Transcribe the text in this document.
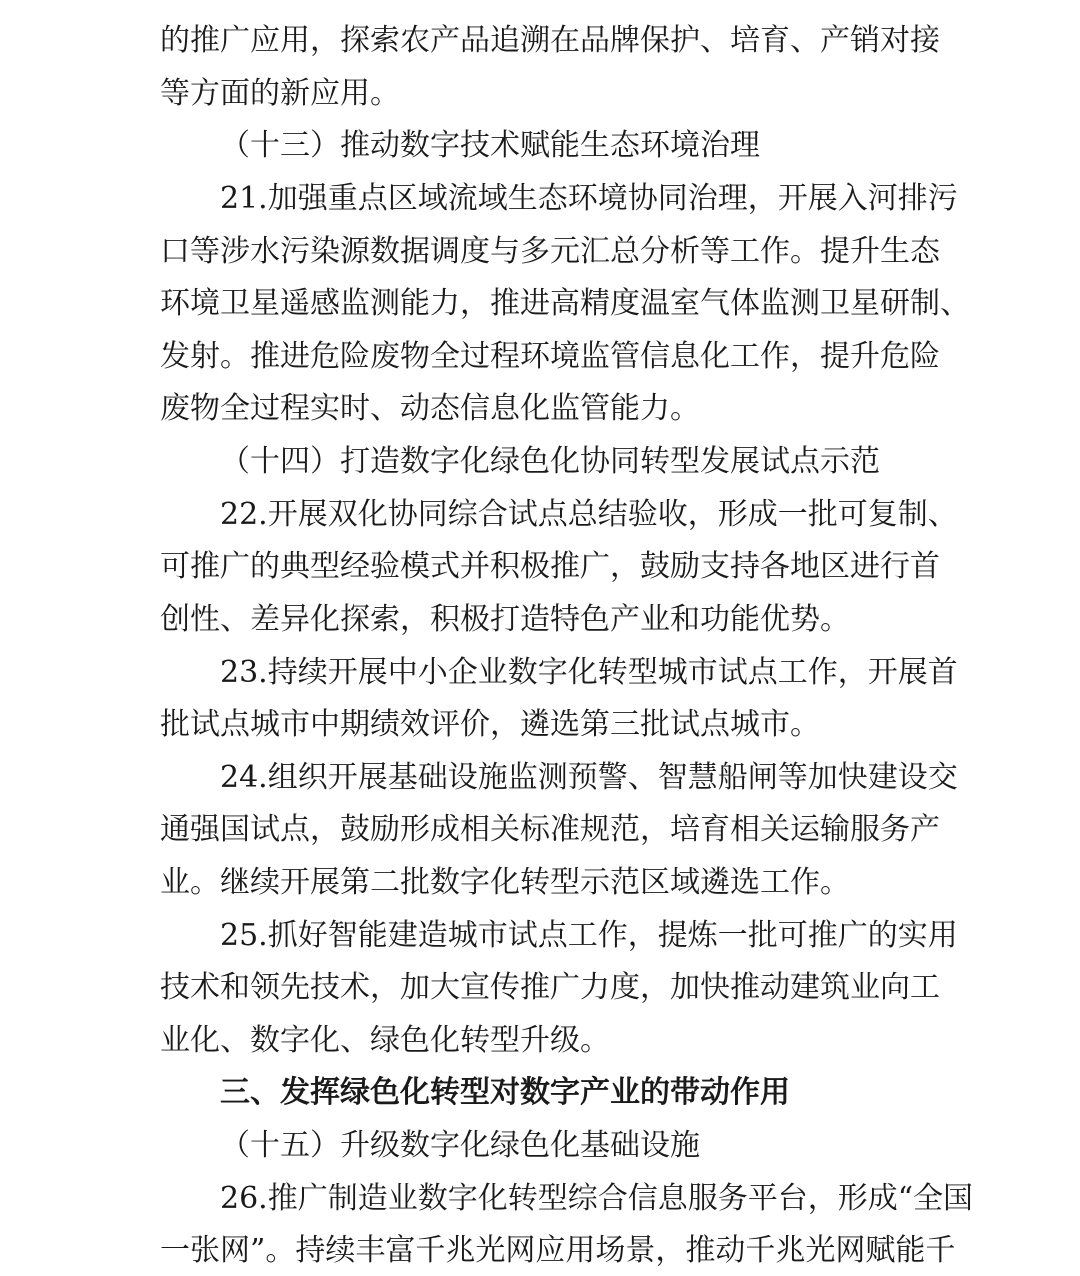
的推广应用，探索农产品追溯在品牌保护、培育、产销对接
等方面的新应用。
（十三）推动数字技术赋能生态环境治理
21.加强重点区域流域生态环境协同治理，开展入河排污
口等涉水污染源数据调度与多元汇总分析等工作。提升生态
环境卫星遥感监测能力，推进高精度温室气体监测卫星研制、
发射。推进危险废物全过程环境监管信息化工作，提升危险
废物全过程实时、动态信息化监管能力。
（十四）打造数字化绿色化协同转型发展试点示范
22.开展双化协同综合试点总结验收，形成一批可复制、
可推广的典型经验模式并积极推广，鼓励支持各地区进行首
创性、差异化探索，积极打造特色产业和功能优势。
23.持续开展中小企业数字化转型城市试点工作，开展首
批试点城市中期绩效评价，遴选第三批试点城市。
24.组织开展基础设施监测预警、智慧船闸等加快建设交
通强国试点，鼓励形成相关标准规范，培育相关运输服务产
业。继续开展第二批数字化转型示范区域遴选工作。
25.抓好智能建造城市试点工作，提炼一批可推广的实用
技术和领先技术，加大宣传推广力度，加快推动建筑业向工
业化、数字化、绿色化转型升级。
三、发挥绿色化转型对数字产业的带动作用
（十五）升级数字化绿色化基础设施
26.推广制造业数字化转型综合信息服务平台，形成“全国
一张网”。持续丰富千兆光网应用场景，推动千兆光网赋能千
